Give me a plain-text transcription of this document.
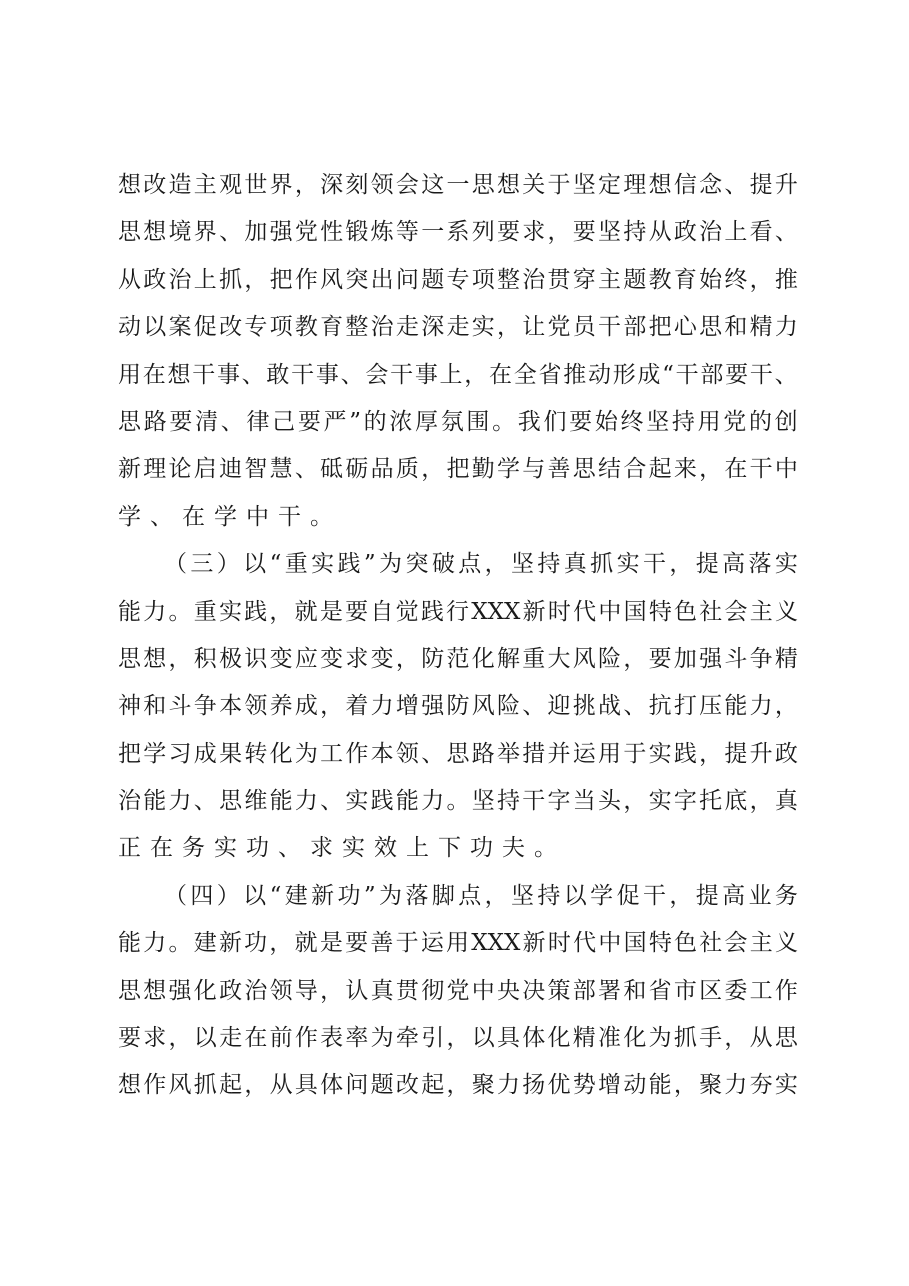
想 改 造 主 观 世 界 ， 深 刻 领 会 这 一 思 想 关 于 坚 定 理 想 信 念 、 提 升
思 想 境 界 、 加 强 党 性 锻 炼 等 一 系 列 要 求 ， 要 坚 持 从 政 治 上 看 、
从 政 治 上 抓 ， 把 作 风 突 出 问 题 专 项 整 治 贯 穿 主 题 教 育 始 终 ， 推
动 以 案 促 改 专 项 教 育 整 治 走 深 走 实 ， 让 党 员 干 部 把 心 思 和 精 力
用 在 想 干 事 、 敢 干 事 、 会 干 事 上 ， 在 全 省 推 动 形 成 “ 干 部 要 干 、
思 路 要 清 、 律 己 要 严 ” 的 浓 厚 氛 围 。 我 们 要 始 终 坚 持 用 党 的 创
新 理 论 启 迪 智 慧 、 砥 砺 品 质 ， 把 勤 学 与 善 思 结 合 起 来 ， 在 干 中
学 、 在 学 中 干 。
（ 三 ） 以 “ 重 实 践 ” 为 突 破 点 ， 坚 持 真 抓 实 干 ， 提 高 落 实
能 力 。 重 实 践 ， 就 是 要 自 觉 践 行 XXX 新 时 代 中 国 特 色 社 会 主 义
思 想 ， 积 极 识 变 应 变 求 变 ， 防 范 化 解 重 大 风 险 ， 要 加 强 斗 争 精
神 和 斗 争 本 领 养 成 ， 着 力 增 强 防 风 险 、 迎 挑 战 、 抗 打 压 能 力 ，
把 学 习 成 果 转 化 为 工 作 本 领 、 思 路 举 措 并 运 用 于 实 践 ， 提 升 政
治 能 力 、 思 维 能 力 、 实 践 能 力 。 坚 持 干 字 当 头 ， 实 字 托 底 ， 真
正 在 务 实 功 、 求 实 效 上 下 功 夫 。
（ 四 ） 以 “ 建 新 功 ” 为 落 脚 点 ， 坚 持 以 学 促 干 ， 提 高 业 务
能 力 。 建 新 功 ， 就 是 要 善 于 运 用 XXX 新 时 代 中 国 特 色 社 会 主 义
思 想 强 化 政 治 领 导 ， 认 真 贯 彻 党 中 央 决 策 部 署 和 省 市 区 委 工 作
要 求 ， 以 走 在 前 作 表 率 为 牵 引 ， 以 具 体 化 精 准 化 为 抓 手 ， 从 思
想 作 风 抓 起 ， 从 具 体 问 题 改 起 ， 聚 力 扬 优 势 增 动 能 ， 聚 力 夯 实
